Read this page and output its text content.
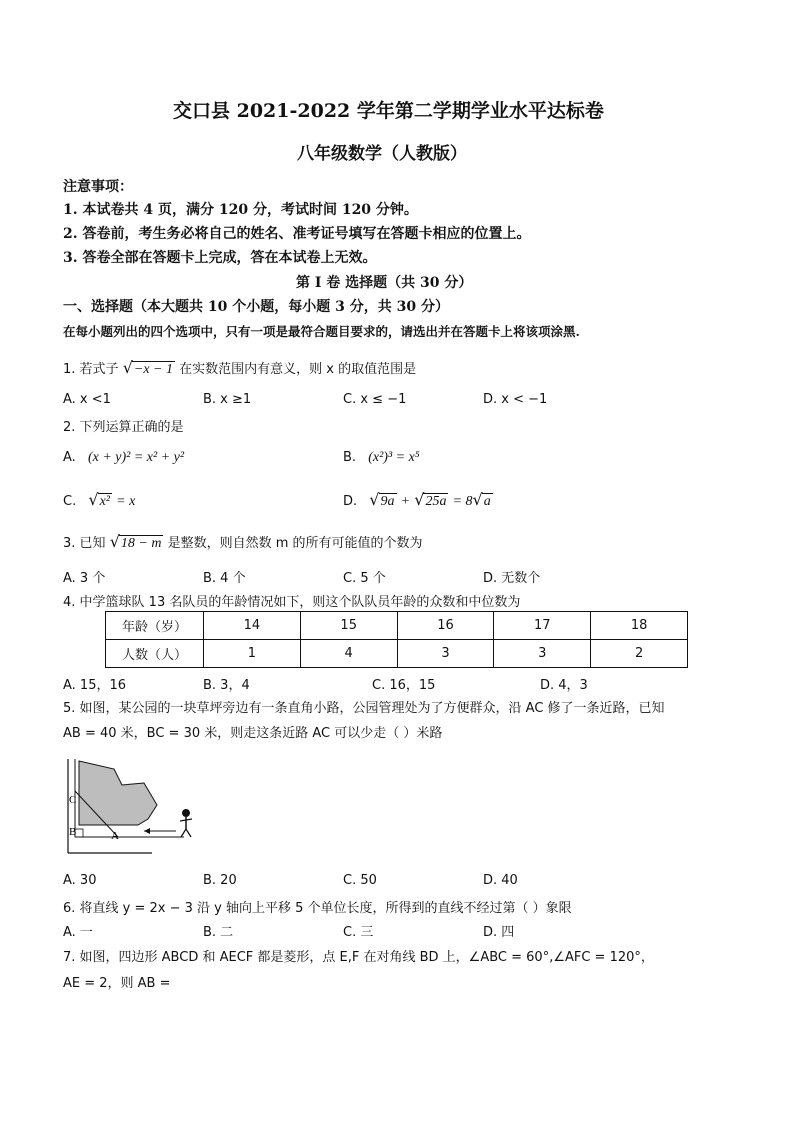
交口县 2021-2022 学年第二学期学业水平达标卷
八年级数学（人教版）
注意事项：
1. 本试卷共 4 页，满分 120 分，考试时间 120 分钟。
2. 答卷前，考生务必将自己的姓名、准考证号填写在答题卡相应的位置上。
3. 答卷全部在答题卡上完成，答在本试卷上无效。
第 I 卷 选择题（共 30 分）
一、选择题（本大题共 10 个小题，每小题 3 分，共 30 分）
在每小题列出的四个选项中，只有一项是最符合题目要求的，请选出并在答题卡上将该项涂黑.
1. 若式子 √−x − 1 在实数范围内有意义，则 x 的取值范围是
A. x <1	B. x ≥1	C. x ≤ −1	D. x < −1
2. 下列运算正确的是
A. (x + y)² = x² + y²	B. (x²)³ = x⁵
C. √x² = x	D. √9a + √25a = 8√a
3. 已知 √18 − m 是整数，则自然数 m 的所有可能值的个数为
A. 3 个	B. 4 个	C. 5 个	D. 无数个
4. 中学篮球队 13 名队员的年龄情况如下，则这个队队员年龄的众数和中位数为
年龄（岁）	14	15	16	17	18
人数（人）	1	4	3	3	2
A. 15，16	B. 3，4	C. 16，15	D. 4，3
5. 如图，某公园的一块草坪旁边有一条直角小路，公园管理处为了方便群众，沿 AC 修了一条近路，已知
AB = 40 米，BC = 30 米，则走这条近路 AC 可以少走（ ）米路
C
B	A
A. 30	B. 20	C. 50	D. 40
6. 将直线 y = 2x − 3 沿 y 轴向上平移 5 个单位长度，所得到的直线不经过第（ ）象限
A. 一	B. 二	C. 三	D. 四
7. 如图，四边形 ABCD 和 AECF 都是菱形，点 E,F 在对角线 BD 上，∠ABC = 60°,∠AFC = 120°，
AE = 2，则 AB =
